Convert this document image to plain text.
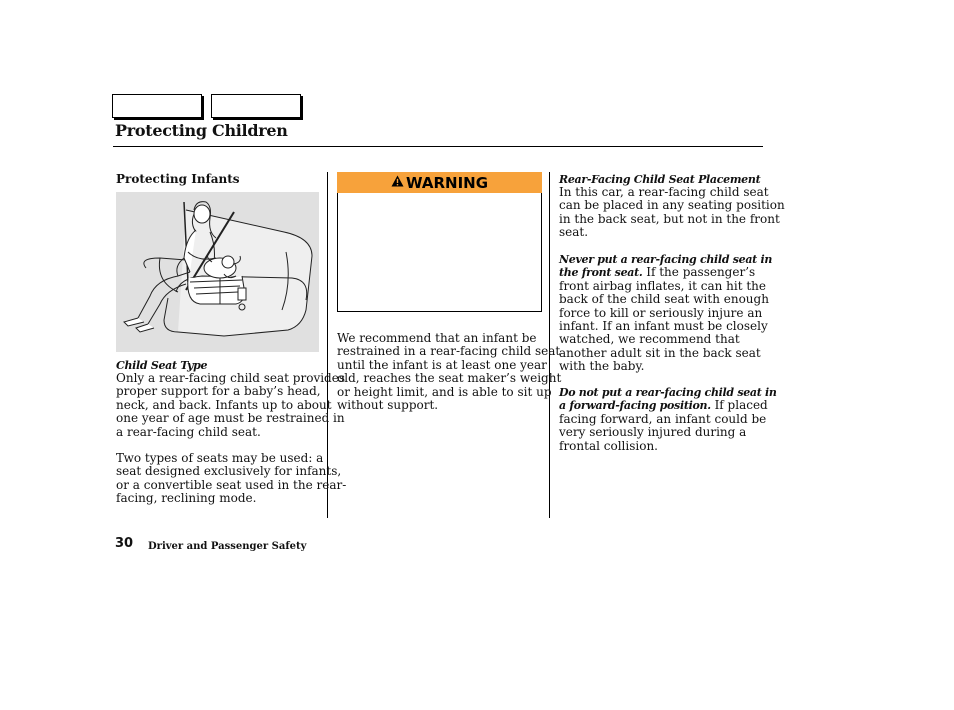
Protecting Children
Protecting Infants
Child Seat Type
Only a rear-facing child seat provides
proper support for a baby’s head,
neck, and back. Infants up to about
one year of age must be restrained in
a rear-facing child seat.
Two types of seats may be used: a
seat designed exclusively for infants,
or a convertible seat used in the rear-
facing, reclining mode.
WARNING
We recommend that an infant be
restrained in a rear-facing child seat
until the infant is at least one year
old, reaches the seat maker’s weight
or height limit, and is able to sit up
without support.
Rear-Facing Child Seat Placement
In this car, a rear-facing child seat
can be placed in any seating position
in the back seat, but not in the front
seat.
Never put a rear-facing child seat in
the front seat. If the passenger’s
front airbag inflates, it can hit the
back of the child seat with enough
force to kill or seriously injure an
infant. If an infant must be closely
watched, we recommend that
another adult sit in the back seat
with the baby.
Do not put a rear-facing child seat in
a forward-facing position. If placed
facing forward, an infant could be
very seriously injured during a
frontal collision.
30 Driver and Passenger Safety
